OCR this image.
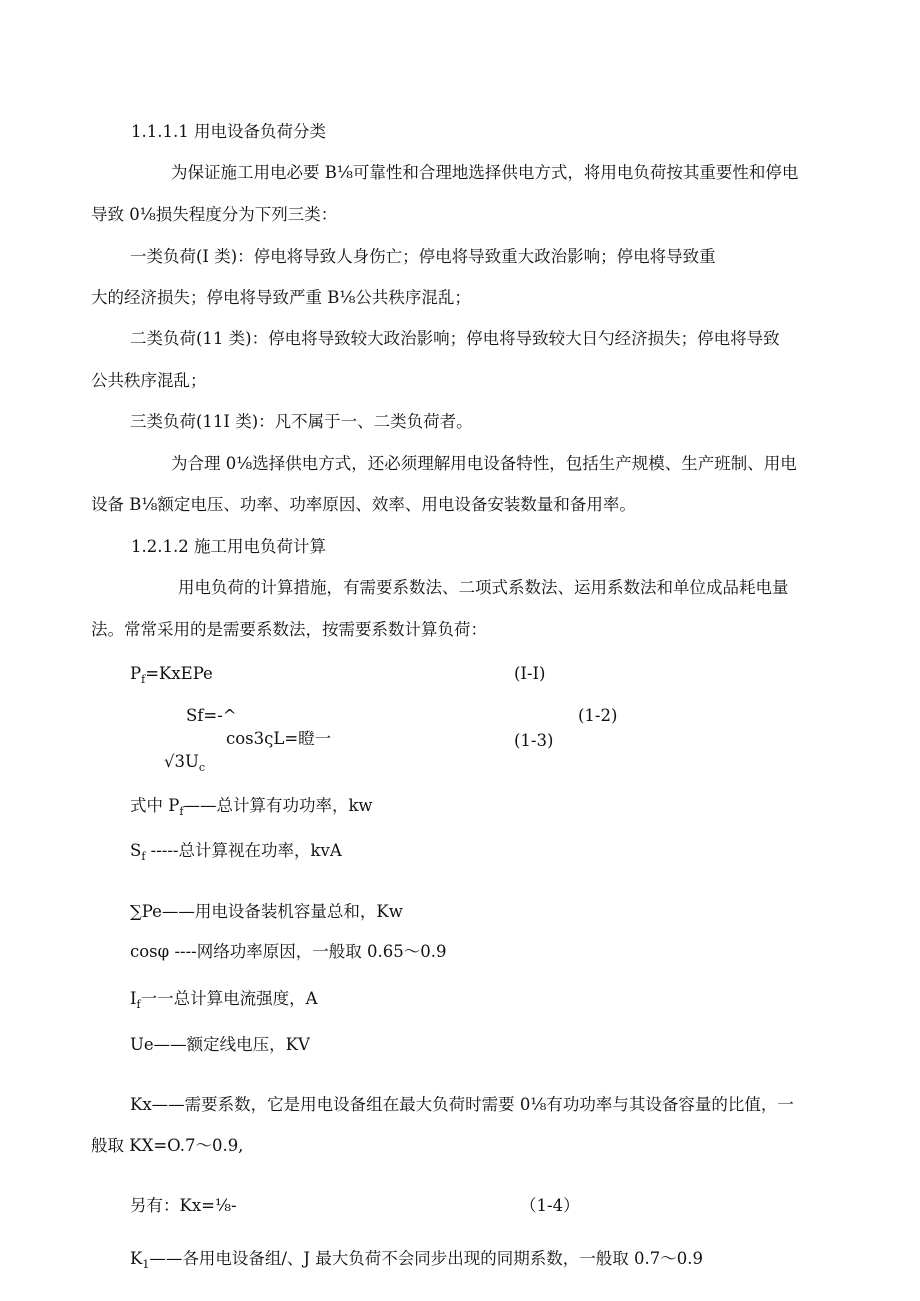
1.1.1.1 用电设备负荷分类
为保证施工用电必要 B⅛可靠性和合理地选择供电方式，将用电负荷按其重要性和停电
导致 0⅛损失程度分为下列三类：
一类负荷(I 类)：停电将导致人身伤亡；停电将导致重大政治影响；停电将导致重
大的经济损失；停电将导致严重 B⅛公共秩序混乱；
二类负荷(11 类)：停电将导致较大政治影响；停电将导致较大日勺经济损失；停电将导致
公共秩序混乱；
三类负荷(11I 类)：凡不属于一、二类负荷者。
为合理 0⅛选择供电方式，还必须理解用电设备特性，包括生产规模、生产班制、用电
设备 B⅛额定电压、功率、功率原因、效率、用电设备安装数量和备用率。
1.2.1.2 施工用电负荷计算
用电负荷的计算措施，有需要系数法、二项式系数法、运用系数法和单位成品耗电量
法。常常采用的是需要系数法，按需要系数计算负荷：
$P_f=KxEPe$	(I-I)
Sf=-^	(1-2)
cos3ςL=瞪一	(1-3)
$√3U_c$
式中 $P_f——$总计算有功功率，kw
$S_f$ -----总计算视在功率，kvA
∑Pe——用电设备装机容量总和，Kw
cosφ ----网络功率原因，一般取 0.65～0.9
$I_f$一一总计算电流强度，A
Ue——额定线电压，KV
Kx——需要系数，它是用电设备组在最大负荷时需要 0⅛有功功率与其设备容量的比值，一
般取 KX=O.7～0.9,
另有：Kx=⅛-	（1-4）
$K_1——$各用电设备组/、J 最大负荷不会同步出现的同期系数，一般取 0.7～0.9
